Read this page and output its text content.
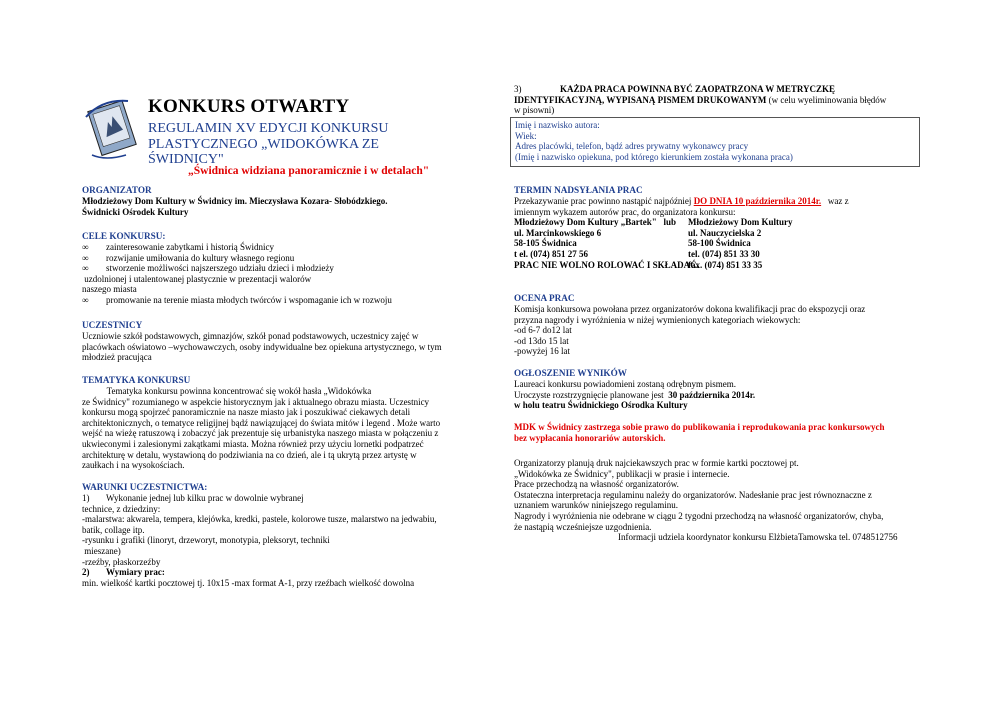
KONKURS OTWARTY
REGULAMIN XV EDYCJI KONKURSU
PLASTYCZNEGO „WIDOKÓWKA ZE
ŚWIDNICY"
„Świdnica widziana panoramicznie i w detalach"
ORGANIZATOR
Młodzieżowy Dom Kultury w Świdnicy im. Mieczysława Kozara- Słobódzkiego.
Świdnicki Ośrodek Kultury
CELE KONKURSU:
∞	zainteresowanie zabytkami i historią Świdnicy
∞	rozwijanie umiłowania do kultury własnego regionu
∞	stworzenie możliwości najszerszego udziału dzieci i młodzieży
uzdolnionej i utalentowanej plastycznie w prezentacji walorów
naszego miasta
∞	promowanie na terenie miasta młodych twórców i wspomaganie ich w rozwoju
UCZESTNICY
Uczniowie szkół podstawowych, gimnazjów, szkół ponad podstawowych, uczestnicy zajęć w
placówkach oświatowo –wychowawczych, osoby indywidualne bez opiekuna artystycznego, w tym
młodzież pracująca
TEMATYKA KONKURSU
Tematyka konkursu powinna koncentrować się wokół hasła „Widokówka
ze Świdnicy" rozumianego w aspekcie historycznym jak i aktualnego obrazu miasta. Uczestnicy
konkursu mogą spojrzeć panoramicznie na nasze miasto jak i poszukiwać ciekawych detali
architektonicznych, o tematyce religijnej bądź nawiązującej do świata mitów i legend . Może warto
wejść na wieżę ratuszową i zobaczyć jak prezentuje się urbanistyka naszego miasta w połączeniu z
ukwieconymi i zalesionymi zakątkami miasta. Można również przy użyciu lornetki podpatrzeć
architekturę w detalu, wystawioną do podziwiania na co dzień, ale i tą ukrytą przez artystę w
zaułkach i na wysokościach.
WARUNKI UCZESTNICTWA:
1)	Wykonanie jednej lub kilku prac w dowolnie wybranej
technice, z dziedziny:
-malarstwa: akwarela, tempera, klejówka, kredki, pastele, kolorowe tusze, malarstwo na jedwabiu,
batik, collage itp.
-rysunku i grafiki (linoryt, drzeworyt, monotypia, pleksoryt, techniki
mieszane)
-rzeźby, płaskorzeźby
2)	Wymiary prac:
min. wielkość kartki pocztowej tj. 10x15 -max format A-1, przy rzeźbach wielkość dowolna
3)	KAŻDA PRACA POWINNA BYĆ ZAOPATRZONA W METRYCZKĘ
IDENTYFIKACYJNĄ, WYPISANĄ PISMEM DRUKOWANYM (w celu wyeliminowania błędów
w pisowni)
Imię i nazwisko autora:
Wiek:
Adres placówki, telefon, bądź adres prywatny wykonawcy pracy
(Imię i nazwisko opiekuna, pod którego kierunkiem została wykonana praca)
TERMIN NADSYŁANIA PRAC
Przekazywanie prac powinno nastąpić najpóźniej DO DNIA 10 października 2014r.   waz z
imiennym wykazem autorów prac, do organizatora konkursu:
Młodzieżowy Dom Kultury „Bartek"   lub
ul. Marcinkowskiego 6
58-105 Świdnica
t el. (074) 851 27 56
Młodzieżowy Dom Kultury
ul. Nauczycielska 2
58-100 Świdnica
tel. (074) 851 33 30
fax. (074) 851 33 35
PRAC NIE WOLNO ROLOWAĆ I SKŁADAĆ.
OCENA PRAC
Komisja konkursowa powołana przez organizatorów dokona kwalifikacji prac do ekspozycji oraz
przyzna nagrody i wyróżnienia w niżej wymienionych kategoriach wiekowych:
-od 6-7 do12 lat
-od 13do 15 lat
-powyżej 16 lat
OGŁOSZENIE WYNIKÓW
Laureaci konkursu powiadomieni zostaną odrębnym pismem.
Uroczyste rozstrzygnięcie planowane jest  30 października 2014r.
w holu teatru Świdnickiego Ośrodka Kultury
MDK w Świdnicy zastrzega sobie prawo do publikowania i reprodukowania prac konkursowych
bez wypłacania honorariów autorskich.
Organizatorzy planują druk najciekawszych prac w formie kartki pocztowej pt.
„Widokówka ze Świdnicy", publikacji w prasie i internecie.
Prace przechodzą na własność organizatorów.
Ostateczna interpretacja regulaminu należy do organizatorów. Nadesłanie prac jest równoznaczne z
uznaniem warunków niniejszego regulaminu.
Nagrody i wyróżnienia nie odebrane w ciągu 2 tygodni przechodzą na własność organizatorów, chyba,
że nastąpią wcześniejsze uzgodnienia.
Informacji udziela koordynator konkursu ElżbietaTamowska tel. 0748512756
